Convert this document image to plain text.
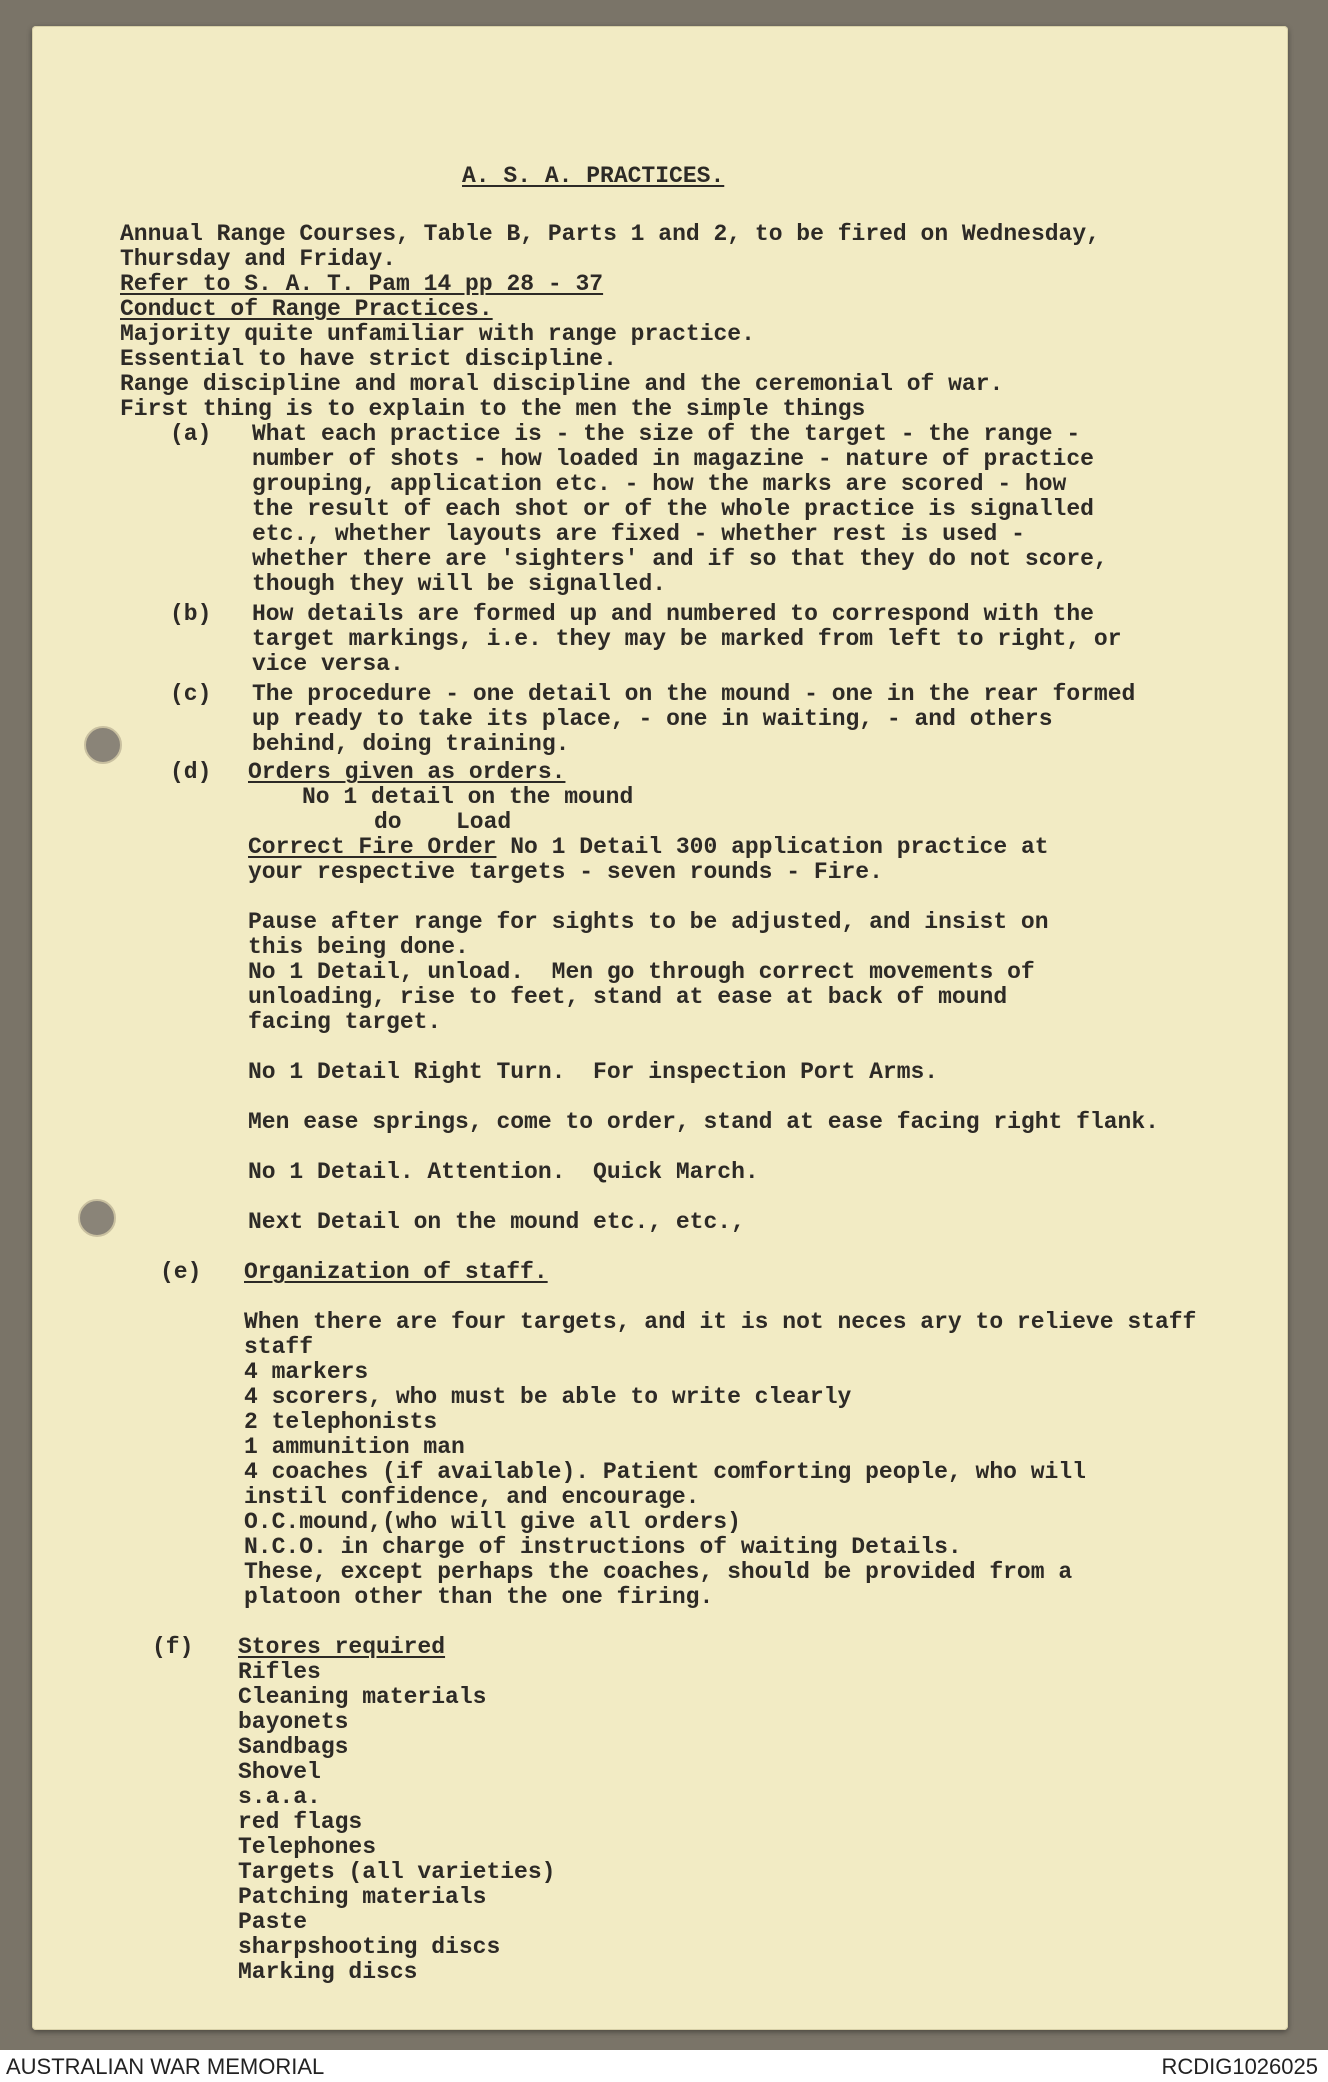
A. S. A. PRACTICES.
Annual Range Courses, Table B, Parts 1 and 2, to be fired on Wednesday,
Thursday and Friday.
Refer to S. A. T. Pam 14 pp 28 - 37
Conduct of Range Practices.
Majority quite unfamiliar with range practice.
Essential to have strict discipline.
Range discipline and moral discipline and the ceremonial of war.
First thing is to explain to the men the simple things
(a) What each practice is - the size of the target - the range -
number of shots - how loaded in magazine - nature of practice
grouping, application etc. - how the marks are scored - how
the result of each shot or of the whole practice is signalled
etc., whether layouts are fixed - whether rest is used -
whether there are 'sighters' and if so that they do not score,
though they will be signalled.
(b) How details are formed up and numbered to correspond with the
target markings, i.e. they may be marked from left to right, or
vice versa.
(c) The procedure - one detail on the mound - one in the rear formed
up ready to take its place, - one in waiting, - and others
behind, doing training.
(d) Orders given as orders.
No 1 detail on the mound
do Load
Correct Fire Order No 1 Detail 300 application practice at
your respective targets - seven rounds - Fire.
Pause after range for sights to be adjusted, and insist on
this being done.
No 1 Detail, unload.  Men go through correct movements of
unloading, rise to feet, stand at ease at back of mound
facing target.
No 1 Detail Right Turn.  For inspection Port Arms.
Men ease springs, come to order, stand at ease facing right flank.
No 1 Detail. Attention.  Quick March.
Next Detail on the mound etc., etc.,
(e) Organization of staff.
When there are four targets, and it is not neces ary to relieve staff
staff
4 markers
4 scorers, who must be able to write clearly
2 telephonists
1 ammunition man
4 coaches (if available). Patient comforting people, who will
instil confidence, and encourage.
O.C.mound,(who will give all orders)
N.C.O. in charge of instructions of waiting Details.
These, except perhaps the coaches, should be provided from a
platoon other than the one firing.
(f) Stores required
Rifles
Cleaning materials
bayonets
Sandbags
Shovel
s.a.a.
red flags
Telephones
Targets (all varieties)
Patching materials
Paste
sharpshooting discs
Marking discs
AUSTRALIAN WAR MEMORIAL	RCDIG1026025
